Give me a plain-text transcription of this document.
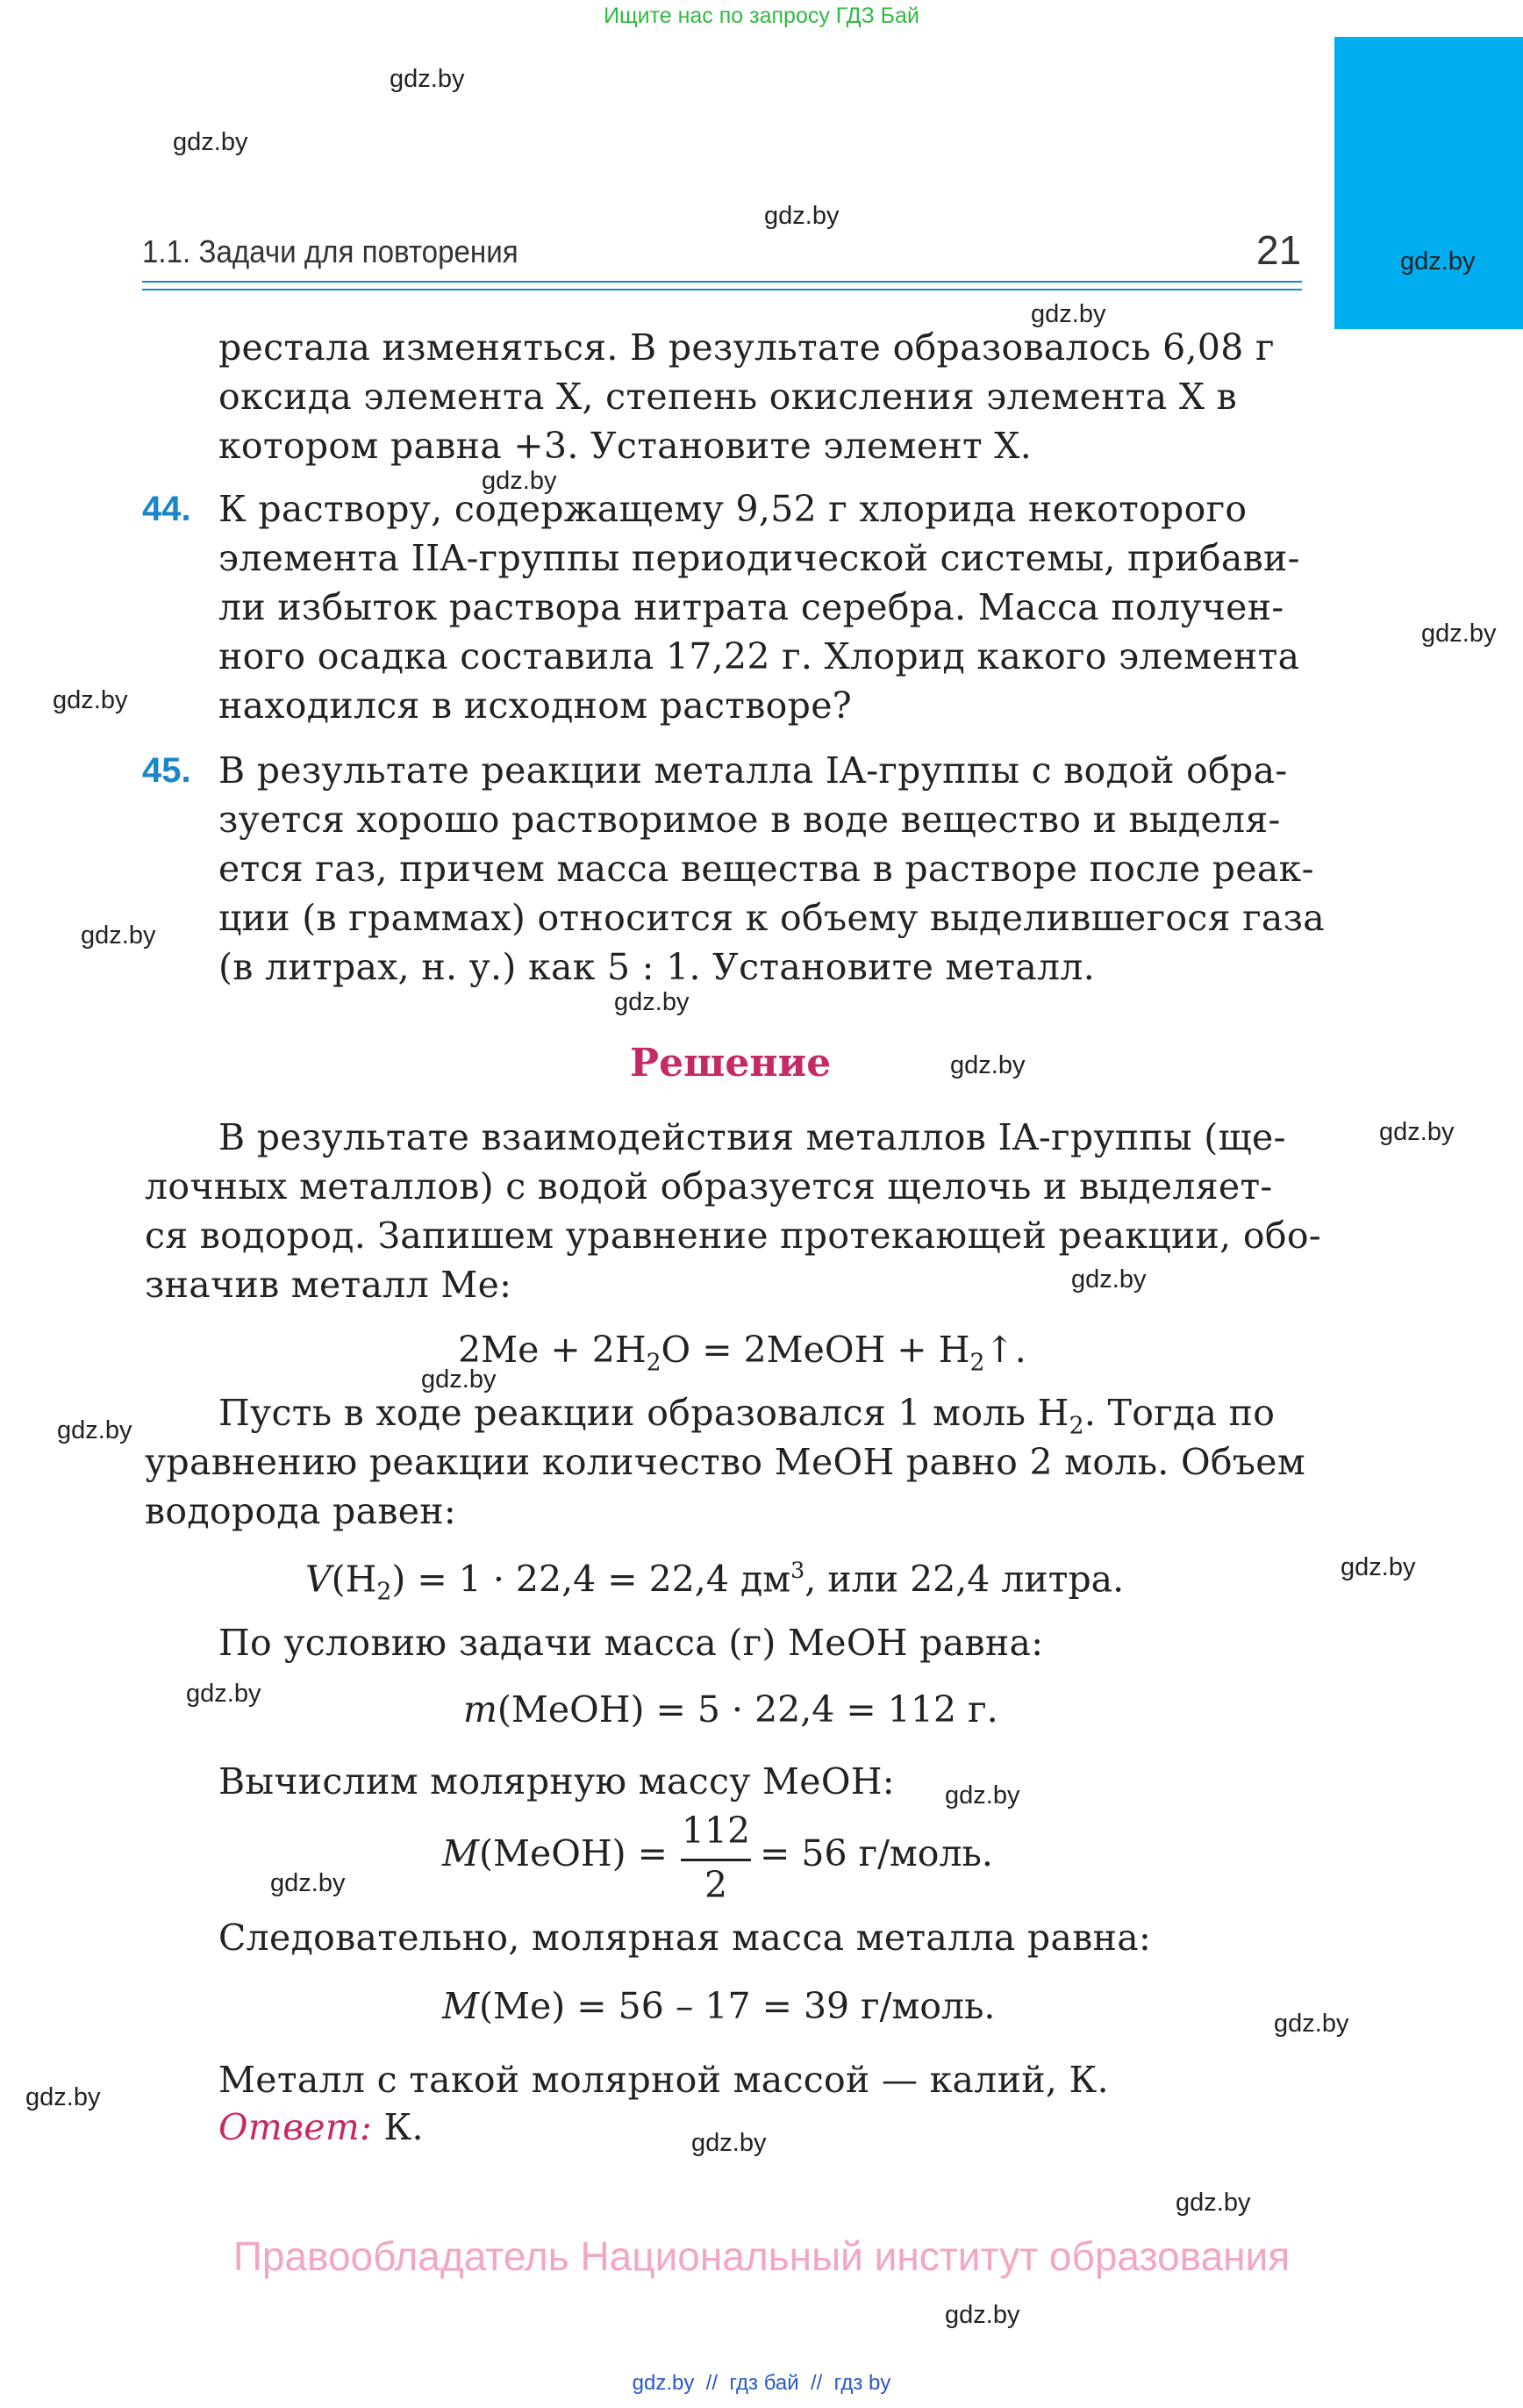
Ищите нас по запросу ГДЗ Бай
1.1. Задачи для повторения	21
рестала изменяться. В результате образовалось 6,08 г
оксида элемента X, степень окисления элемента X в
котором равна +3. Установите элемент X.
44. К раствору, содержащему 9,52 г хлорида некоторого
элемента IIA-группы периодической системы, прибави-
ли избыток раствора нитрата серебра. Масса получен-
ного осадка составила 17,22 г. Хлорид какого элемента
находился в исходном растворе?
45. В результате реакции металла IA-группы с водой обра-
зуется хорошо растворимое в воде вещество и выделя-
ется газ, причем масса вещества в растворе после реак-
ции (в граммах) относится к объему выделившегося газа
(в литрах, н. у.) как 5 : 1. Установите металл.
Решение
В результате взаимодействия металлов IA-группы (ще-
лочных металлов) с водой образуется щелочь и выделяет-
ся водород. Запишем уравнение протекающей реакции, обо-
значив металл Ме:
$2Ме + 2Н_2О$ = 2МеОН + $Н_2↑$.
Пусть в ходе реакции образовался 1 моль $Н_2$. Тогда по
уравнению реакции количество МеОН равно 2 моль. Объем
водорода равен:
$V(Н_2) = 1 \cdot 22,4 = 22,4$ $дм^3$, или 22,4 литра.
По условию задачи масса (г) МеОН равна:
m(МеОН) = 5 · 22,4 = 112 г.
Вычислим молярную массу МеОН:
M(МеОН) =
112
2
= 56 г/моль.
Следовательно, молярная масса металла равна:
M(Ме) = 56 – 17 = 39 г/моль.
Металл с такой молярной массой — калий, К.
Ответ: К.
Правообладатель Национальный институт образования
gdz.by  //  гдз бай  //  гдз by
gdz.by
gdz.by
gdz.by
gdz.by
gdz.by
gdz.by
gdz.by
gdz.by
gdz.by
gdz.by
gdz.by
gdz.by
gdz.by
gdz.by
gdz.by
gdz.by
gdz.by
gdz.by
gdz.by
gdz.by
gdz.by
gdz.by
gdz.by
gdz.by
